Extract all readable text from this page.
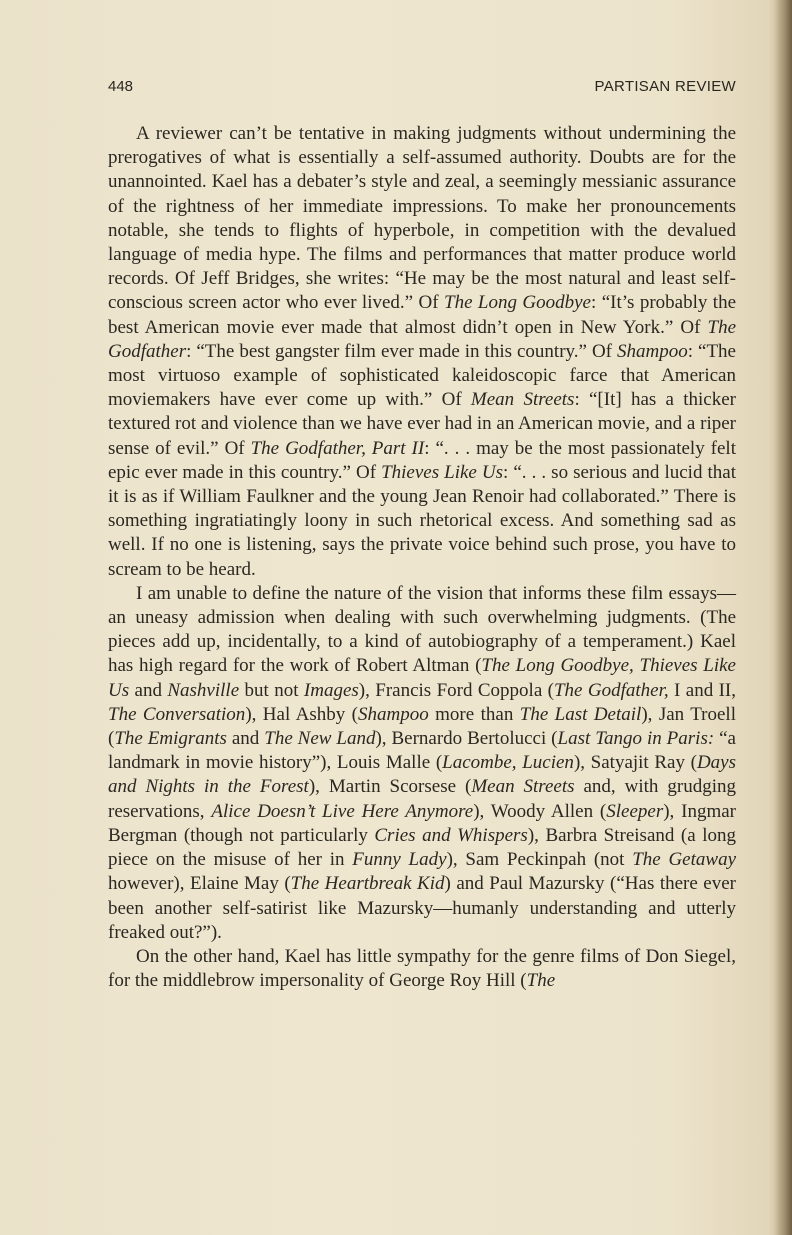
448	PARTISAN REVIEW

A reviewer can’t be tentative in making judgments without undermining the prerogatives of what is essentially a self-assumed authority. Doubts are for the unannointed. Kael has a debater’s style and zeal, a seemingly messianic assurance of the rightness of her immediate impressions. To make her pronouncements notable, she tends to flights of hyperbole, in competition with the devalued language of media hype. The films and performances that matter produce world records. Of Jeff Bridges, she writes: “He may be the most natural and least self-conscious screen actor who ever lived.” Of The Long Goodbye: “It’s probably the best American movie ever made that almost didn’t open in New York.” Of The Godfather: “The best gangster film ever made in this country.” Of Shampoo: “The most virtuoso example of sophisticated kaleidoscopic farce that American moviemakers have ever come up with.” Of Mean Streets: “[It] has a thicker textured rot and violence than we have ever had in an American movie, and a riper sense of evil.” Of The Godfather, Part II: “. . . may be the most passionately felt epic ever made in this country.” Of Thieves Like Us: “. . . so serious and lucid that it is as if William Faulkner and the young Jean Renoir had collaborated.” There is something ingratiatingly loony in such rhetorical excess. And something sad as well. If no one is listening, says the private voice behind such prose, you have to scream to be heard.

I am unable to define the nature of the vision that informs these film essays—an uneasy admission when dealing with such overwhelming judgments. (The pieces add up, incidentally, to a kind of autobiography of a temperament.) Kael has high regard for the work of Robert Altman (The Long Goodbye, Thieves Like Us and Nashville but not Images), Francis Ford Coppola (The Godfather, I and II, The Conversation), Hal Ashby (Shampoo more than The Last Detail), Jan Troell (The Emigrants and The New Land), Bernardo Bertolucci (Last Tango in Paris: “a landmark in movie history”), Louis Malle (Lacombe, Lucien), Satyajit Ray (Days and Nights in the Forest), Martin Scorsese (Mean Streets and, with grudging reservations, Alice Doesn’t Live Here Anymore), Woody Allen (Sleeper), Ingmar Bergman (though not particularly Cries and Whispers), Barbra Streisand (a long piece on the misuse of her in Funny Lady), Sam Peckinpah (not The Getaway however), Elaine May (The Heartbreak Kid) and Paul Mazursky (“Has there ever been another self-satirist like Mazursky—humanly understanding and utterly freaked out?”).

On the other hand, Kael has little sympathy for the genre films of Don Siegel, for the middlebrow impersonality of George Roy Hill (The
